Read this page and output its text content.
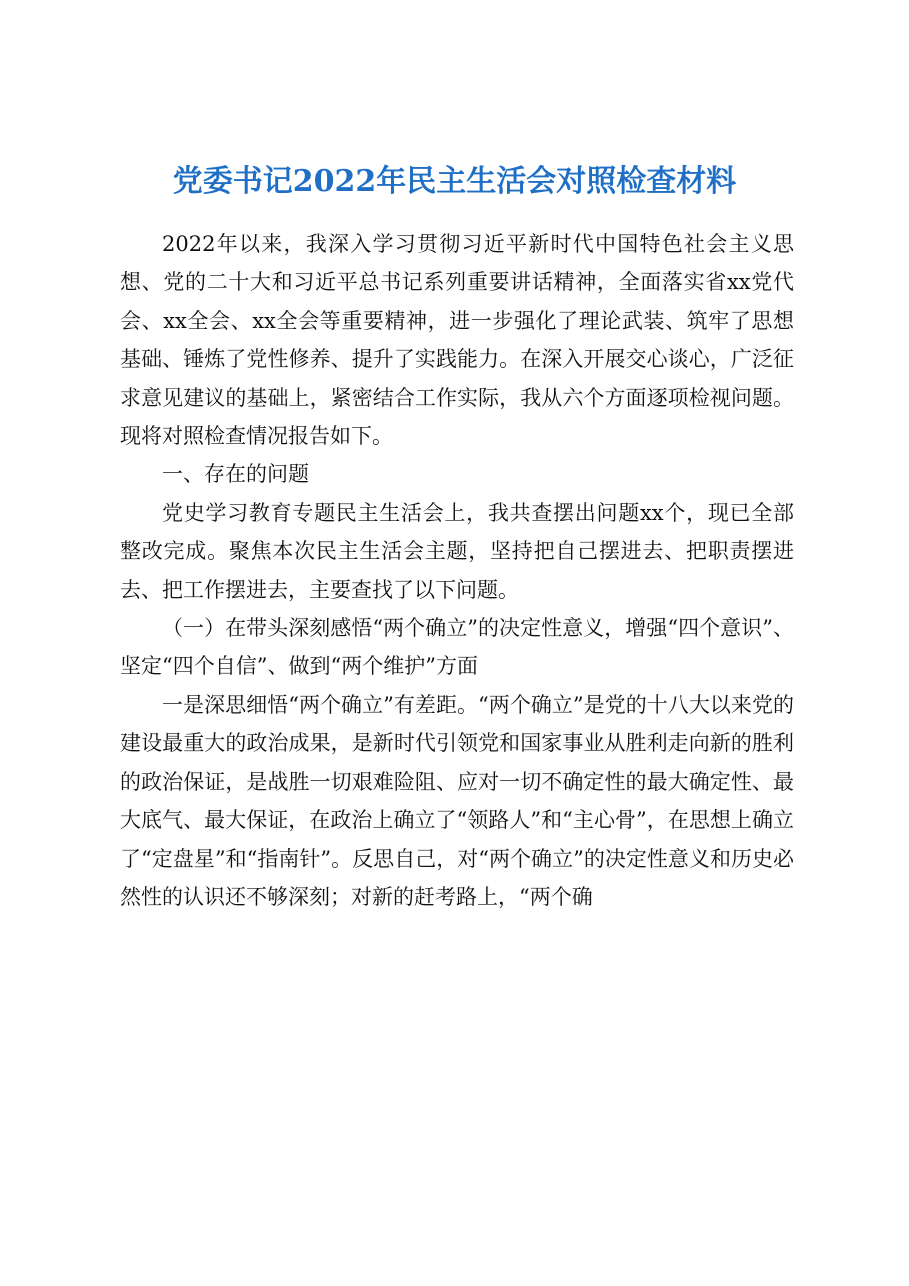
党委书记2022年民主生活会对照检查材料

2022年以来，我深入学习贯彻习近平新时代中国特色社会主义思想、党的二十大和习近平总书记系列重要讲话精神，全面落实省xx党代会、xx全会、xx全会等重要精神，进一步强化了理论武装、筑牢了思想基础、锤炼了党性修养、提升了实践能力。在深入开展交心谈心，广泛征求意见建议的基础上，紧密结合工作实际，我从六个方面逐项检视问题。现将对照检查情况报告如下。

一、存在的问题

党史学习教育专题民主生活会上，我共查摆出问题xx个，现已全部整改完成。聚焦本次民主生活会主题，坚持把自己摆进去、把职责摆进去、把工作摆进去，主要查找了以下问题。

（一）在带头深刻感悟“两个确立”的决定性意义，增强“四个意识”、坚定“四个自信”、做到“两个维护”方面

一是深思细悟“两个确立”有差距。“两个确立”是党的十八大以来党的建设最重大的政治成果，是新时代引领党和国家事业从胜利走向新的胜利的政治保证，是战胜一切艰难险阻、应对一切不确定性的最大确定性、最大底气、最大保证，在政治上确立了“领路人”和“主心骨”，在思想上确立了“定盘星”和“指南针”。反思自己，对“两个确立”的决定性意义和历史必然性的认识还不够深刻；对新的赶考路上，“两个确
